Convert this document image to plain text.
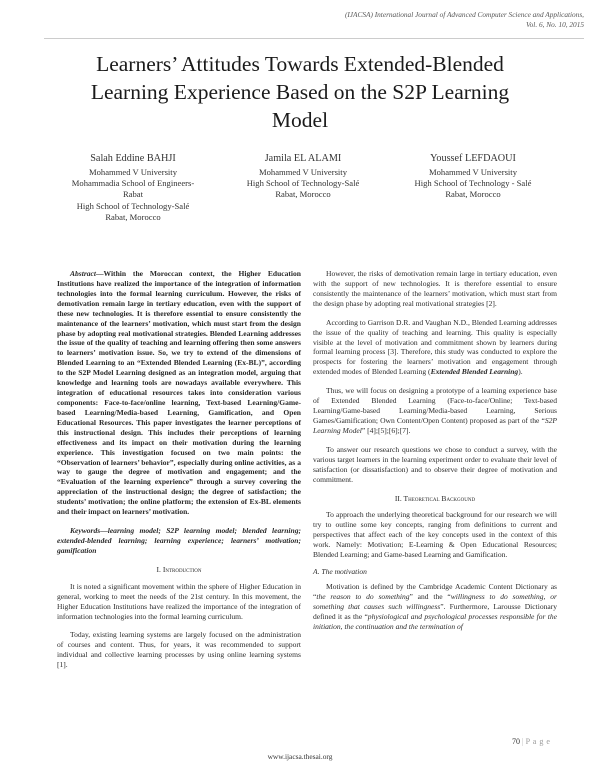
(IJACSA) International Journal of Advanced Computer Science and Applications,
Vol. 6, No. 10, 2015
Learners’ Attitudes Towards Extended-Blended
Learning Experience Based on the S2P Learning
Model
Salah Eddine BAHJI
Mohammed V University
Mohammadia School of Engineers-
Rabat
High School of Technology-Salé
Rabat, Morocco
Jamila EL ALAMI
Mohammed V University
High School of Technology-Salé
Rabat, Morocco
Youssef LEFDAOUI
Mohammed V University
High School of Technology - Salé
Rabat, Morocco

Abstract—Within the Moroccan context, the Higher Education Institutions have realized the importance of the integration of information technologies into the formal learning curriculum. However, the risks of demotivation remain large in tertiary education, even with the support of these new technologies. It is therefore essential to ensure consistently the maintenance of the learners’ motivation, which must start from the design phase by adopting real motivational strategies. Blended Learning addresses the issue of the quality of teaching and learning offering then some answers to learners’ motivation issue. So, we try to extend of the dimensions of Blended Learning to an “Extended Blended Learning (Ex-BL)”, according to the S2P Model Learning designed as an integration model, arguing that knowledge and learning tools are nowadays available everywhere. This integration of educational resources takes into consideration various components: Face-to-face/online learning, Text-based Learning/Game-based Learning/Media-based Learning, Gamification, and Open Educational Resources. This paper investigates the learner perceptions of this instructional design. This includes their perceptions of learning effectiveness and its impact on their motivation during the learning experience. This investigation focused on two main points: the “Observation of learners’ behavior”, especially during online activities, as a way to gauge the degree of motivation and engagement; and the “Evaluation of the learning experience” through a survey covering the appreciation of the instructional design; the degree of satisfaction; the students’ motivation; the online platform; the extension of Ex-BL elements and their impact on learners’ motivation.

Keywords—learning model; S2P learning model; blended learning; extended-blended learning; learning experience; learners’ motivation; gamification

I. Introduction

It is noted a significant movement within the sphere of Higher Education in general, working to meet the needs of the 21st century. In this movement, the Higher Education Institutions have realized the importance of the integration of information technologies into the formal learning curriculum.

Today, existing learning systems are largely focused on the administration of courses and content. Thus, for years, it was recommended to support individual and collective learning processes by using online learning systems [1].

However, the risks of demotivation remain large in tertiary education, even with the support of new technologies. It is therefore essential to ensure consistently the maintenance of the learners’ motivation, which must start from the design phase by adopting real motivational strategies [2].

According to Garrison D.R. and Vaughan N.D., Blended Learning addresses the issue of the quality of teaching and learning. This quality is especially visible at the level of motivation and commitment shown by learners during formal learning process [3]. Therefore, this study was conducted to explore the prospects for fostering the learners’ motivation and engagement through extended modes of Blended Learning (Extended Blended Learning).

Thus, we will focus on designing a prototype of a learning experience base of Extended Blended Learning (Face-to-face/Online; Text-based Learning/Game-based Learning/Media-based Learning, Serious Games/Gamification; Own Content/Open Content) proposed as part of the “S2P Learning Model” [4];[5];[6];[7].

To answer our research questions we chose to conduct a survey, with the various target learners in the learning experiment order to evaluate their level of satisfaction (or dissatisfaction) and to observe their degree of motivation and commitment.

II. Theoretical Backgound

To approach the underlying theoretical background for our research we will try to outline some key concepts, ranging from definitions to current and perspectives that affect each of the key concepts used in the context of this work. Namely: Motivation; E-Learning & Open Educational Resources; Blended Learning; and Game-based Learning and Gamification.

A. The motivation

Motivation is defined by the Cambridge Academic Content Dictionary as “the reason to do something” and the “willingness to do something, or something that causes such willingness”. Furthermore, Larousse Dictionary defined it as the “physiological and psychological processes responsible for the initiation, the continuation and the termination of

70 | P a g e
www.ijacsa.thesai.org
